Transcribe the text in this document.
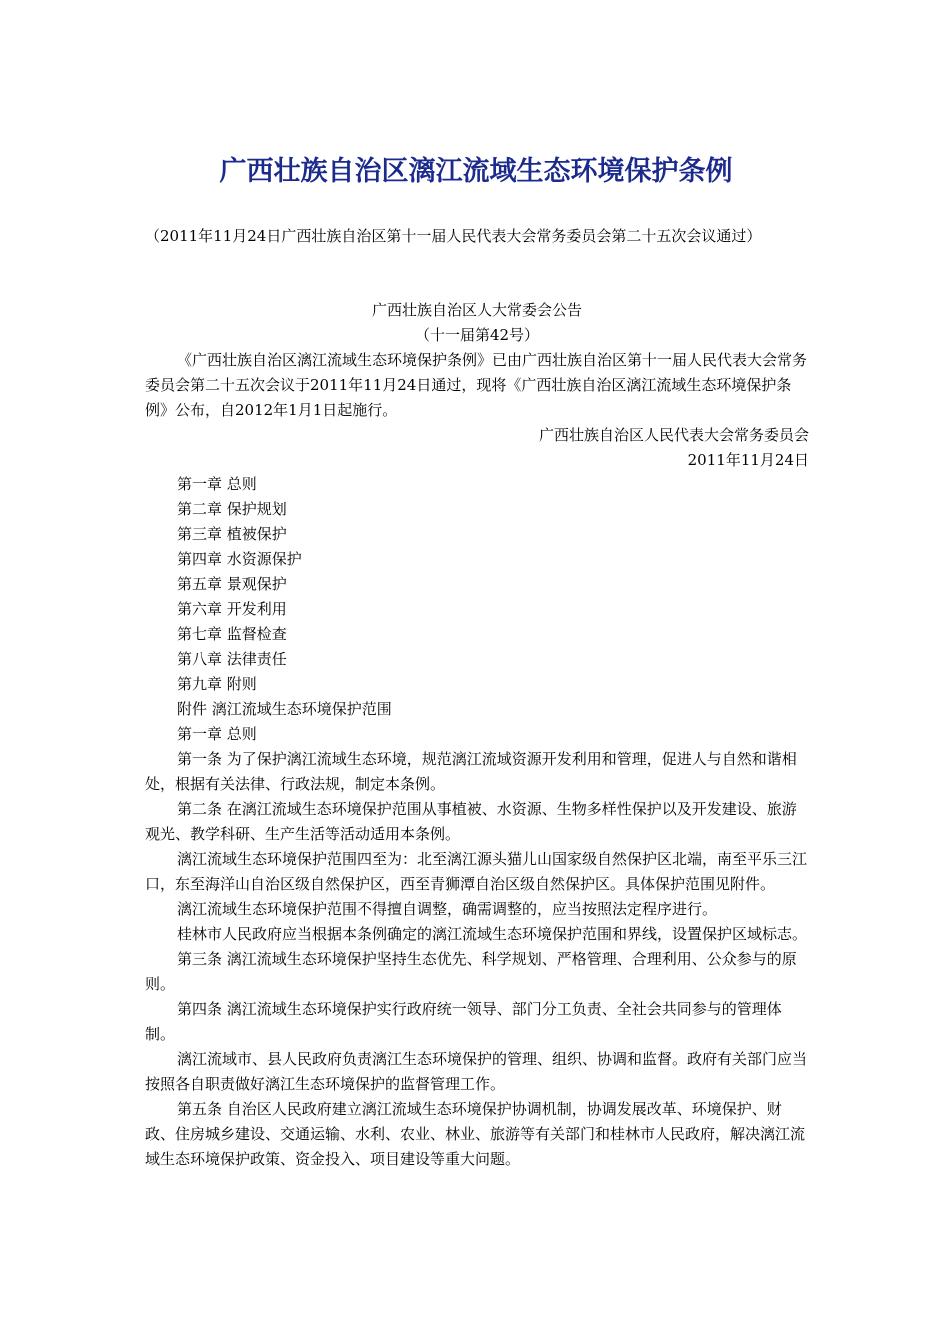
广西壮族自治区漓江流域生态环境保护条例
（2011年11月24日广西壮族自治区第十一届人民代表大会常务委员会第二十五次会议通过）
广西壮族自治区人大常委会公告
（十一届第42号）

《广西壮族自治区漓江流域生态环境保护条例》已由广西壮族自治区第十一届人民代表大会常务委员会第二十五次会议于2011年11月24日通过，现将《广西壮族自治区漓江流域生态环境保护条例》公布，自2012年1月1日起施行。

广西壮族自治区人民代表大会常务委员会
2011年11月24日

第一章 总则

第二章 保护规划

第三章 植被保护

第四章 水资源保护

第五章 景观保护

第六章 开发利用

第七章 监督检查

第八章 法律责任

第九章 附则

附件 漓江流域生态环境保护范围

第一章 总则

第一条 为了保护漓江流域生态环境，规范漓江流域资源开发利用和管理，促进人与自然和谐相处，根据有关法律、行政法规，制定本条例。

第二条 在漓江流域生态环境保护范围从事植被、水资源、生物多样性保护以及开发建设、旅游观光、教学科研、生产生活等活动适用本条例。

漓江流域生态环境保护范围四至为：北至漓江源头猫儿山国家级自然保护区北端，南至平乐三江口，东至海洋山自治区级自然保护区，西至青狮潭自治区级自然保护区。具体保护范围见附件。

漓江流域生态环境保护范围不得擅自调整，确需调整的，应当按照法定程序进行。

桂林市人民政府应当根据本条例确定的漓江流域生态环境保护范围和界线，设置保护区域标志。

第三条 漓江流域生态环境保护坚持生态优先、科学规划、严格管理、合理利用、公众参与的原则。

第四条 漓江流域生态环境保护实行政府统一领导、部门分工负责、全社会共同参与的管理体制。

漓江流域市、县人民政府负责漓江生态环境保护的管理、组织、协调和监督。政府有关部门应当按照各自职责做好漓江生态环境保护的监督管理工作。

第五条 自治区人民政府建立漓江流域生态环境保护协调机制，协调发展改革、环境保护、财政、住房城乡建设、交通运输、水利、农业、林业、旅游等有关部门和桂林市人民政府，解决漓江流域生态环境保护政策、资金投入、项目建设等重大问题。
